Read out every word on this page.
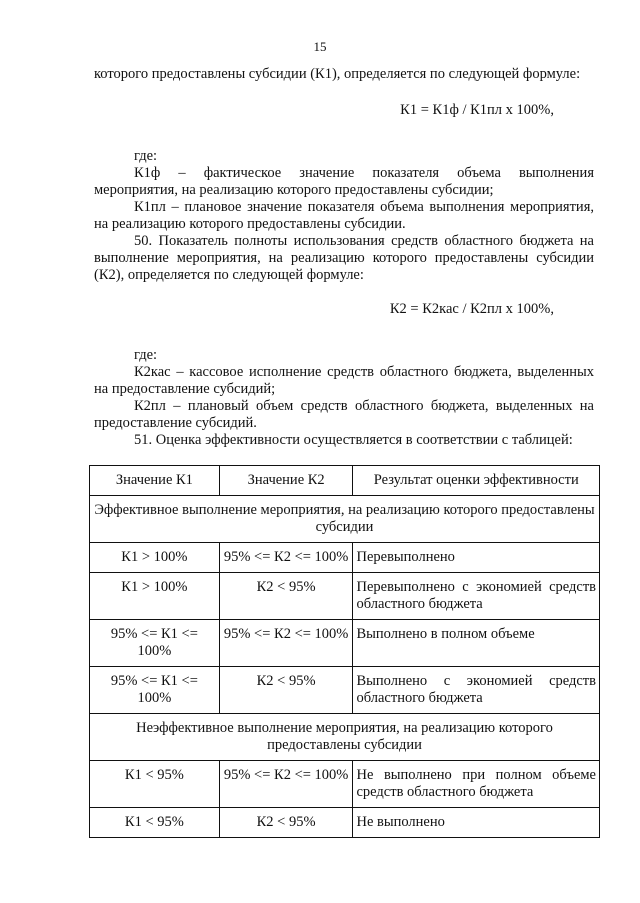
15

которого предоставлены субсидии (К1), определяется по следующей формуле:

К1 = К1ф / К1пл х 100%,

где:

К1ф – фактическое значение показателя объема выполнения мероприятия, на реализацию которого предоставлены субсидии;

К1пл – плановое значение показателя объема выполнения мероприятия, на реализацию которого предоставлены субсидии.

50. Показатель полноты использования средств областного бюджета на выполнение мероприятия, на реализацию которого предоставлены субсидии (К2), определяется по следующей формуле:

К2 = К2кас / К2пл х 100%,

где:

К2кас – кассовое исполнение средств областного бюджета, выделенных на предоставление субсидий;

К2пл – плановый объем средств областного бюджета, выделенных на предоставление субсидий.

51. Оценка эффективности осуществляется в соответствии с таблицей:

Значение К1	Значение К2	Результат оценки эффективности
Эффективное выполнение мероприятия, на реализацию которого предоставлены субсидии		
К1 > 100%	95% <= К2 <= 100%	Перевыполнено
К1 > 100%	К2 < 95%	Перевыполнено с экономией средств областного бюджета
95% <= К1 <= 100%	95% <= К2 <= 100%	Выполнено в полном объеме
95% <= К1 <= 100%	К2 < 95%	Выполнено с экономией средств областного бюджета
Неэффективное выполнение мероприятия, на реализацию которого предоставлены субсидии		
К1 < 95%	95% <= К2 <= 100%	Не выполнено при полном объеме средств областного бюджета
К1 < 95%	К2 < 95%	Не выполнено
